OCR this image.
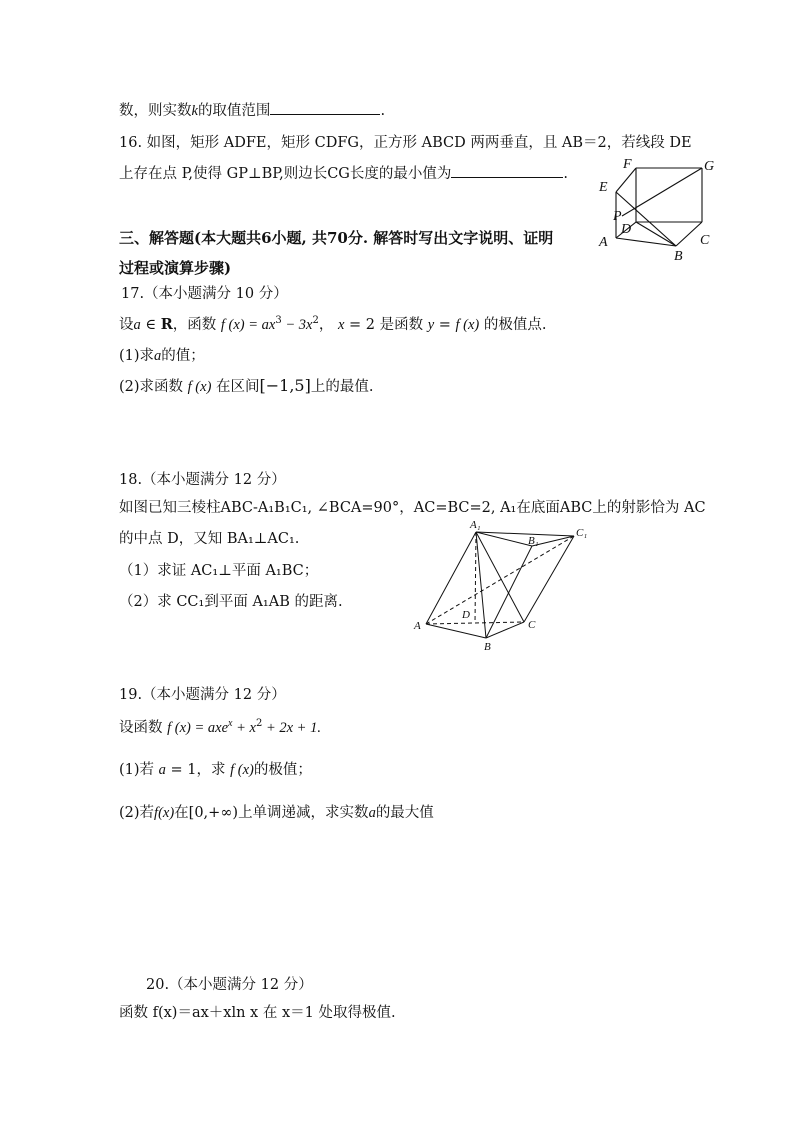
数，则实数k的取值范围	.
16. 如图，矩形 ADFE，矩形 CDFG，正方形 ABCD 两两垂直，且 AB＝2，若线段 DE
上存在点 P,使得 GP⊥BP,则边长CG长度的最小值为	.
F	G
E
P
D
A	C
B
三、解答题(本大题共6小题, 共70分. 解答时写出文字说明、证明
过程或演算步骤)
17.（本小题满分 10 分）
设a ∈ R，函数 f $(x) = ax^3 - 3x^2$， x = 2 是函数 y = f (x) 的极值点.
(1)求a的值；
(2)求函数 f (x) 在区间[−1,5]上的最值.
18.（本小题满分 12 分）
如图已知三棱柱ABC-A₁B₁C₁, ∠BCA=90°，AC=BC=2, A₁在底面ABC上的射影恰为 AC
的中点 D，又知 BA₁⊥AC₁.
（1）求证 AC₁⊥平面 A₁BC；
（2）求 CC₁到平面 A₁AB 的距离.
A₁
B₁
C₁
A
D
C
B
19.（本小题满分 12 分）
设函数 f $(x) = axe^x + x^2 + 2x + 1$.
(1)若 a = 1，求 f (x)的极值；
(2)若f(x)在[0,+∞)上单调递减，求实数a的最大值
20.（本小题满分 12 分）
函数 f(x)＝ax＋xln x 在 x＝1 处取得极值.
